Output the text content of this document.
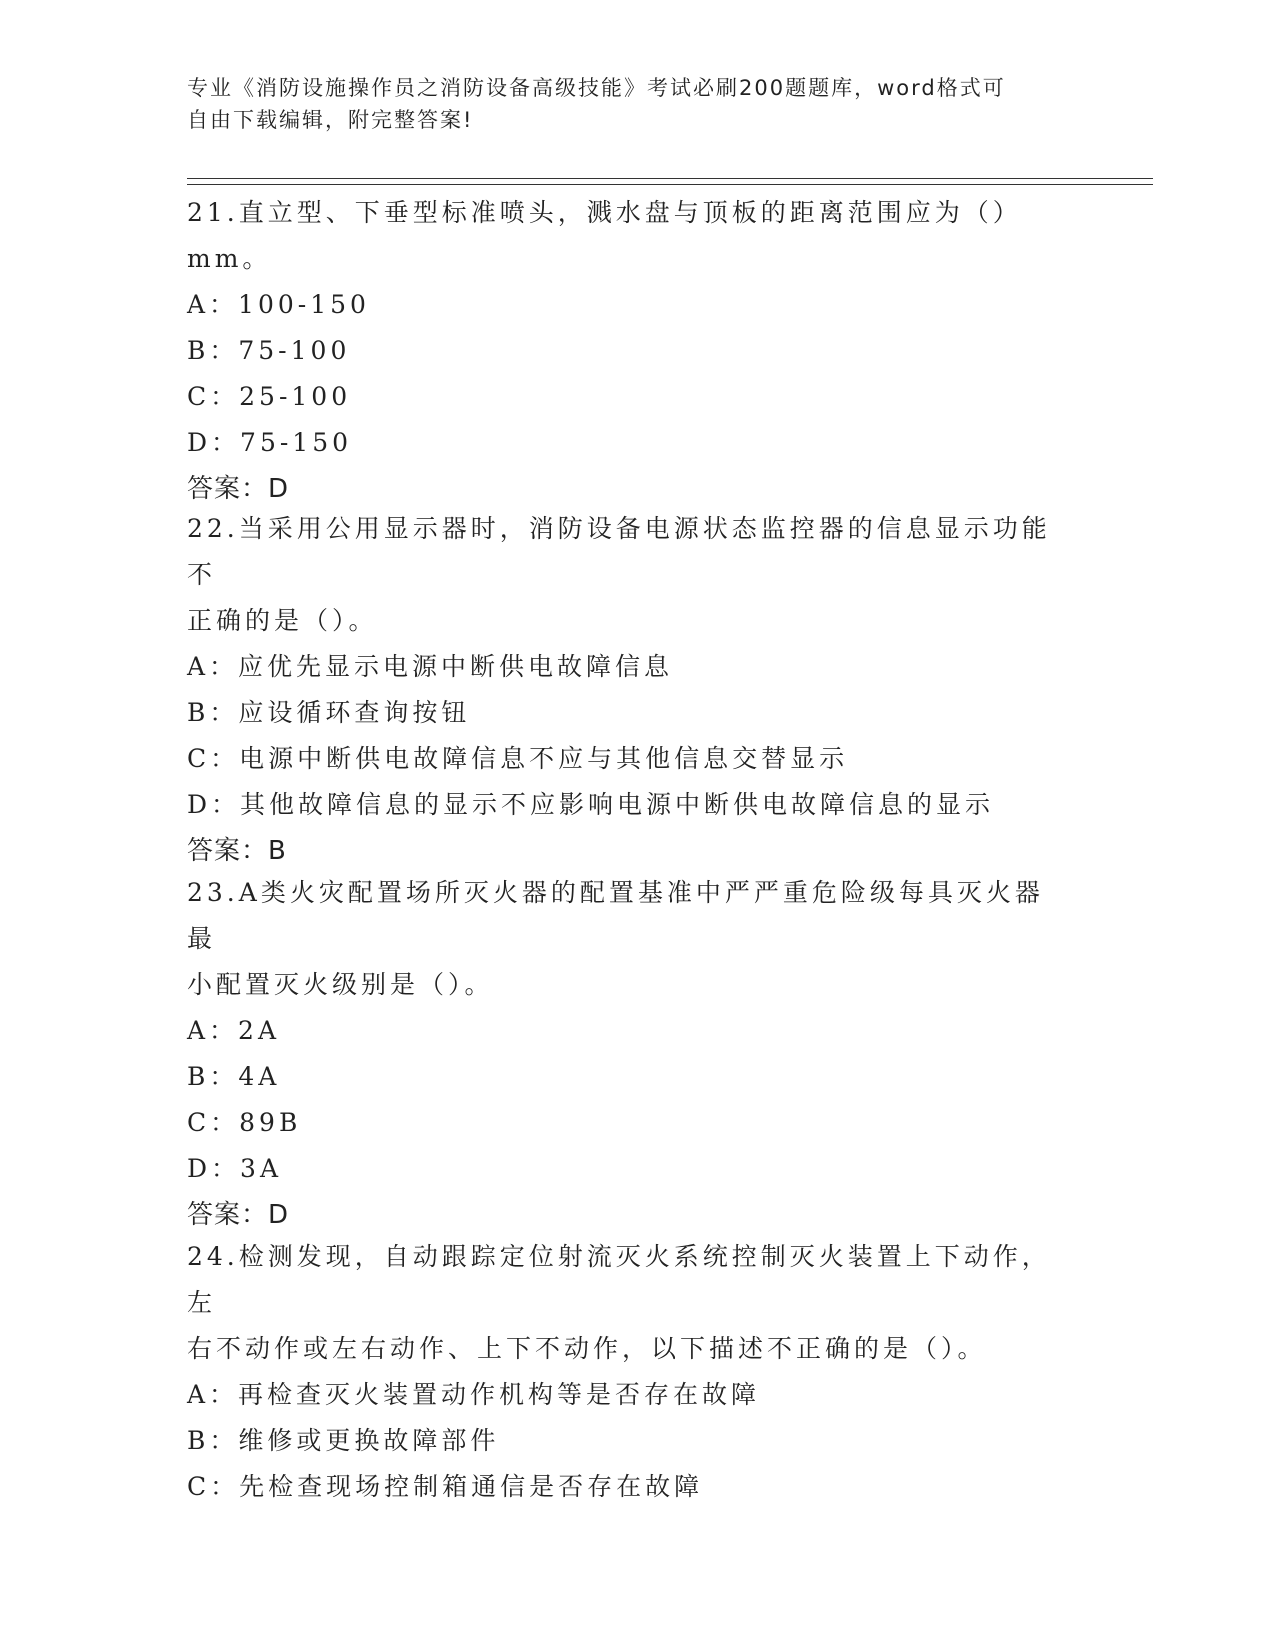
专业《消防设施操作员之消防设备高级技能》考试必刷200题题库，word格式可
自由下载编辑，附完整答案!

21.直立型、下垂型标准喷头，溅水盘与顶板的距离范围应为（）mm。

A：100-150

B：75-100

C：25-100

D：75-150

答案：D

22.当采用公用显示器时，消防设备电源状态监控器的信息显示功能不

正确的是（）。

A：应优先显示电源中断供电故障信息

B：应设循环查询按钮

C：电源中断供电故障信息不应与其他信息交替显示

D：其他故障信息的显示不应影响电源中断供电故障信息的显示

答案：B

23.A类火灾配置场所灭火器的配置基准中严严重危险级每具灭火器最

小配置灭火级别是（）。

A：2A

B：4A

C：89B

D：3A

答案：D

24.检测发现，自动跟踪定位射流灭火系统控制灭火装置上下动作，左

右不动作或左右动作、上下不动作，以下描述不正确的是（）。

A：再检查灭火装置动作机构等是否存在故障

B：维修或更换故障部件

C：先检查现场控制箱通信是否存在故障
